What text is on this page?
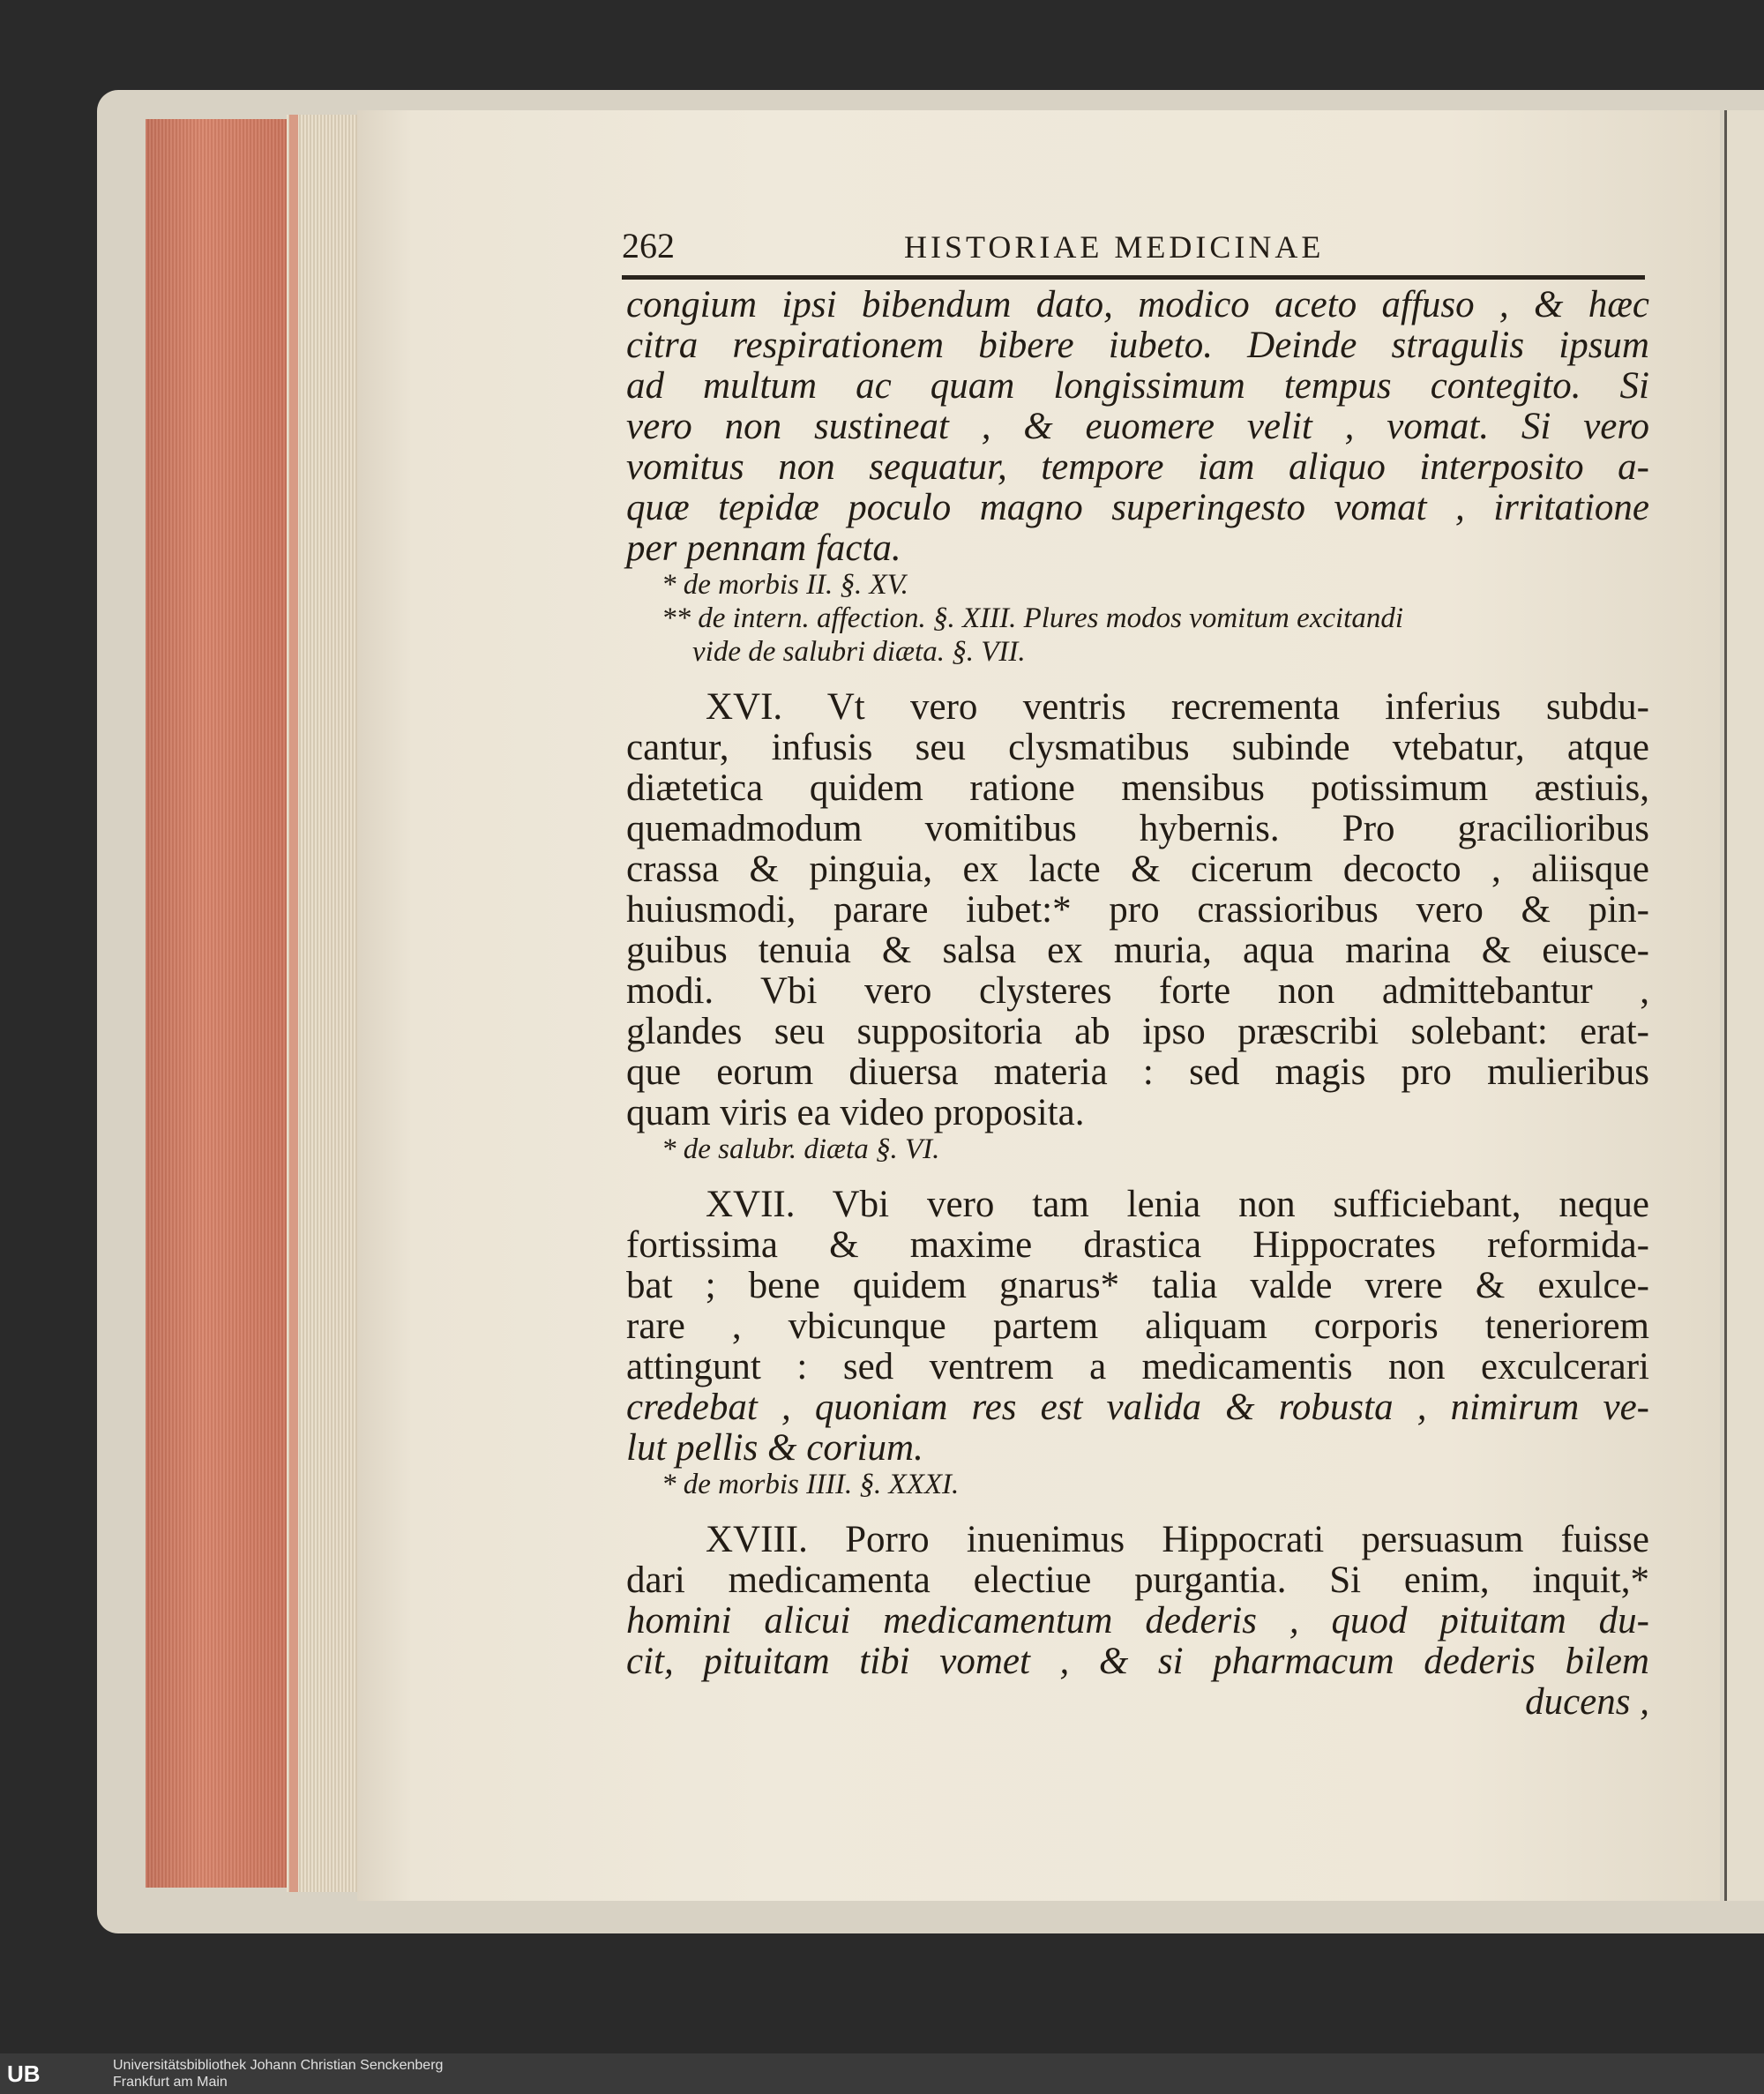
262	HISTORIAE MEDICINAE
congium ipsi bibendum dato, modico aceto affuso , & hæc
citra respirationem bibere iubeto. Deinde stragulis ipsum
ad multum ac quam longissimum tempus contegito. Si
vero non sustineat , & euomere velit , vomat. Si vero
vomitus non sequatur, tempore iam aliquo interposito a-
quæ tepidæ poculo magno superingesto vomat , irritatione
per pennam facta.

* de morbis II. §. XV.

** de intern. affection. §. XIII. Plures modos vomitum excitandi

vide de salubri diæta. §. VII.

XVI. Vt vero ventris recrementa inferius subdu-
cantur, infusis seu clysmatibus subinde vtebatur, atque
diætetica quidem ratione mensibus potissimum æstiuis,
quemadmodum vomitibus hybernis. Pro gracilioribus
crassa & pinguia, ex lacte & cicerum decocto , aliisque
huiusmodi, parare iubet:* pro crassioribus vero & pin-
guibus tenuia & salsa ex muria, aqua marina & eiusce-
modi. Vbi vero clysteres forte non admittebantur ,
glandes seu suppositoria ab ipso præscribi solebant: erat-
que eorum diuersa materia : sed magis pro mulieribus
quam viris ea video proposita.

* de salubr. diæta §. VI.

XVII. Vbi vero tam lenia non sufficiebant, neque
fortissima & maxime drastica Hippocrates reformida-
bat ; bene quidem gnarus* talia valde vrere & exulce-
rare , vbicunque partem aliquam corporis teneriorem
attingunt : sed ventrem a medicamentis non exculcerari
credebat , quoniam res est valida & robusta , nimirum ve-
lut pellis & corium.

* de morbis IIII. §. XXXI.

XVIII. Porro inuenimus Hippocrati persuasum fuisse
dari medicamenta electiue purgantia. Si enim, inquit,*
homini alicui medicamentum dederis , quod pituitam du-
cit, pituitam tibi vomet , & si pharmacum dederis bilem
ducens ,
UB	Universitätsbibliothek Johann Christian Senckenberg
Frankfurt am Main
